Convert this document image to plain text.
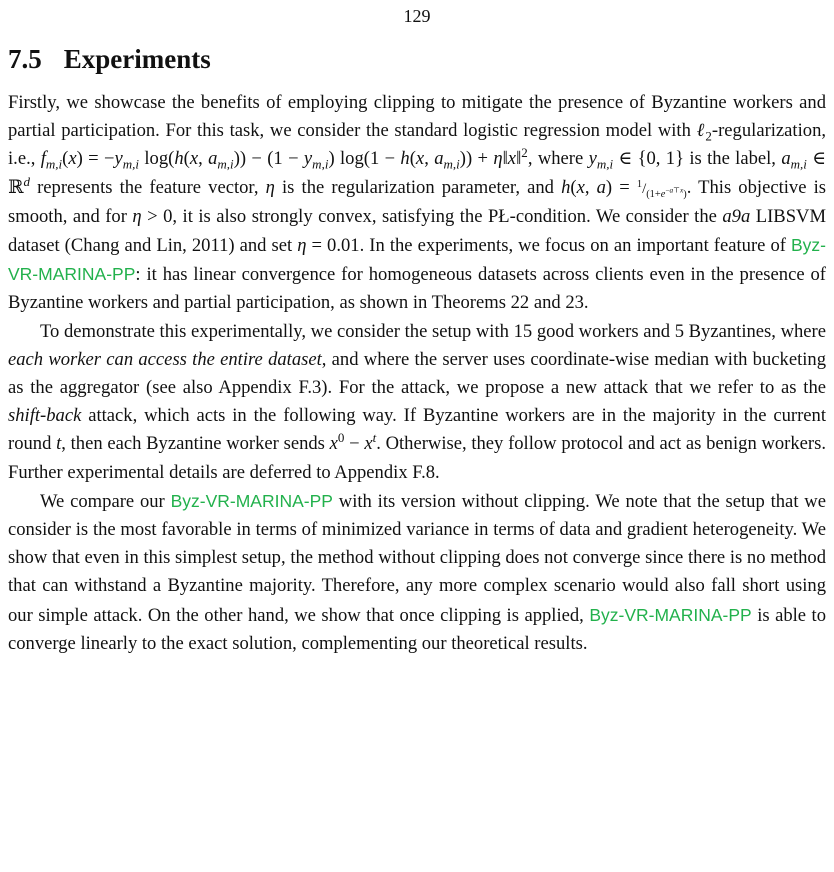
129
7.5 Experiments

Firstly, we showcase the benefits of employing clipping to mitigate the presence of Byzantine workers and partial participation. For this task, we consider the standard logistic regression model with ℓ$_2$-regularization, i.e., $f_{m,i}(x) = -y_{m,i}$ log(h(x, $a_{m,i})) - (1 - y_{m,i})$ log(1 − h(x, $a_{m,i}$)) + η‖x‖$^2$, where $y_{m,i}$ ∈ {0, 1} is the label, $a_{m,i}$ ∈ ℝ$^d$ represents the feature vector, η is the regularization parameter, and h(x, $a) = ^1/_{(1+e^{-a⊤x})}$. This objective is smooth, and for η > 0, it is also strongly convex, satisfying the PŁ-condition. We consider the a9a LIBSVM dataset (Chang and Lin, 2011) and set η = 0.01. In the experiments, we focus on an important feature of Byz-VR-MARINA-PP: it has linear convergence for homogeneous datasets across clients even in the presence of Byzantine workers and partial participation, as shown in Theorems 22 and 23.

To demonstrate this experimentally, we consider the setup with 15 good workers and 5 Byzantines, where each worker can access the entire dataset, and where the server uses coordinate-wise median with bucketing as the aggregator (see also Appendix F.3). For the attack, we propose a new attack that we refer to as the shift-back attack, which acts in the following way. If Byzantine workers are in the majority in the current round t, then each Byzantine worker sends $x^0 - x^t$. Otherwise, they follow protocol and act as benign workers. Further experimental details are deferred to Appendix F.8.

We compare our Byz-VR-MARINA-PP with its version without clipping. We note that the setup that we consider is the most favorable in terms of minimized variance in terms of data and gradient heterogeneity. We show that even in this simplest setup, the method without clipping does not converge since there is no method that can withstand a Byzantine majority. Therefore, any more complex scenario would also fall short using our simple attack. On the other hand, we show that once clipping is applied, Byz-VR-MARINA-PP is able to converge linearly to the exact solution, complementing our theoretical results.
